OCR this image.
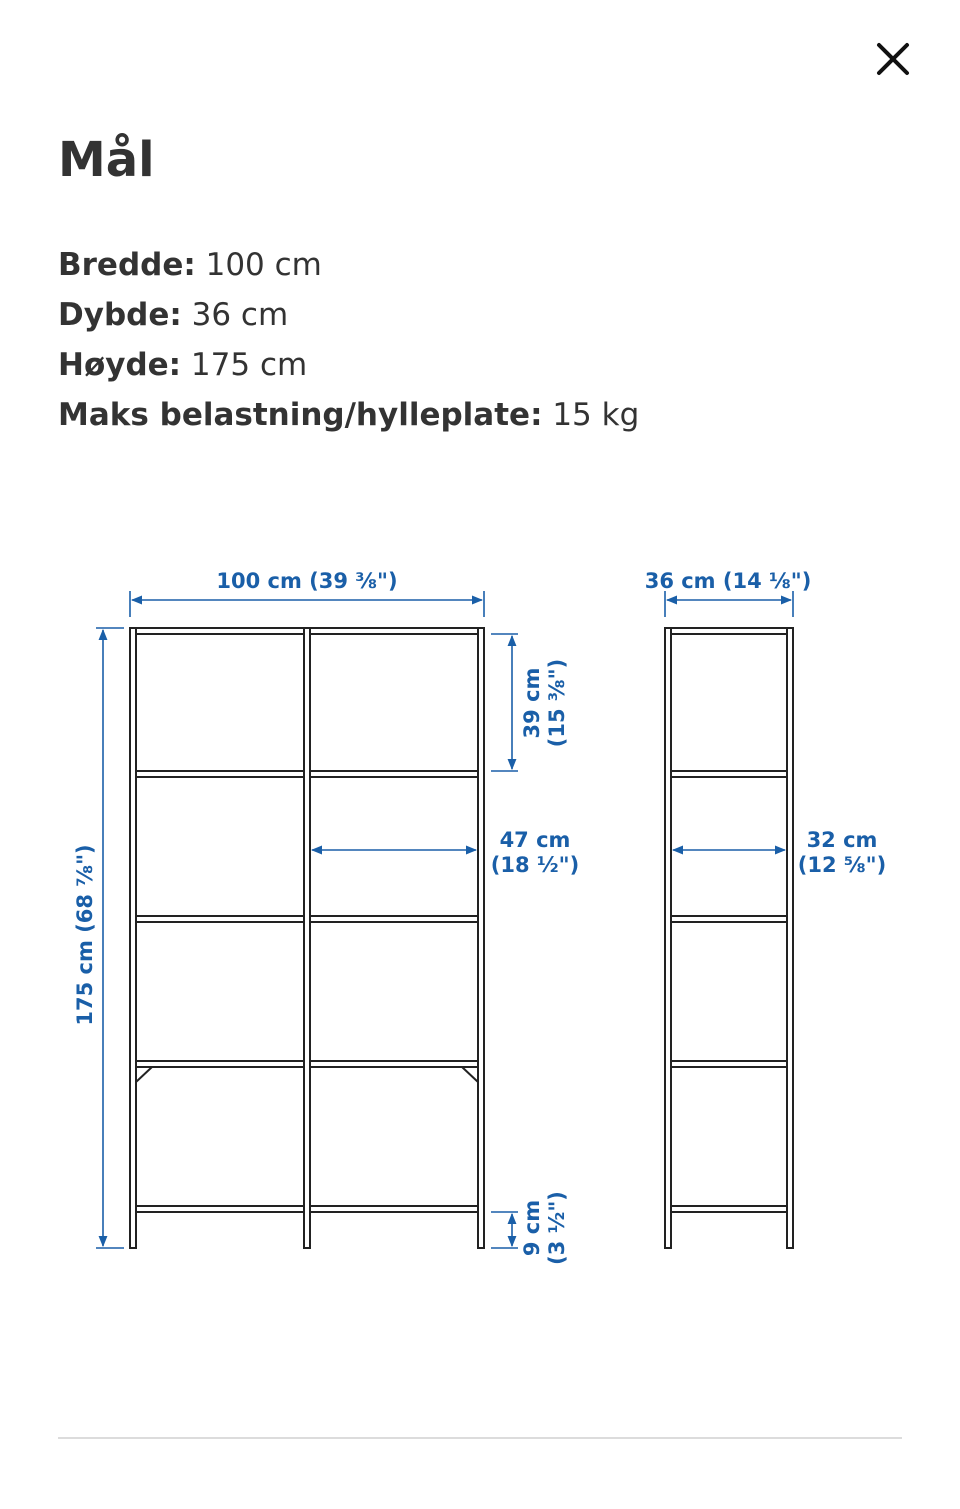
Mål
Bredde: 100 cm
Dybde: 36 cm
Høyde: 175 cm
Maks belastning/hylleplate: 15 kg
100 cm (39 ⅜")
175 cm (68 ⅞")
39 cm (15 ⅜")
47 cm
(18 ½")
9 cm (3 ½")
36 cm (14 ⅛")
32 cm
(12 ⅝")
